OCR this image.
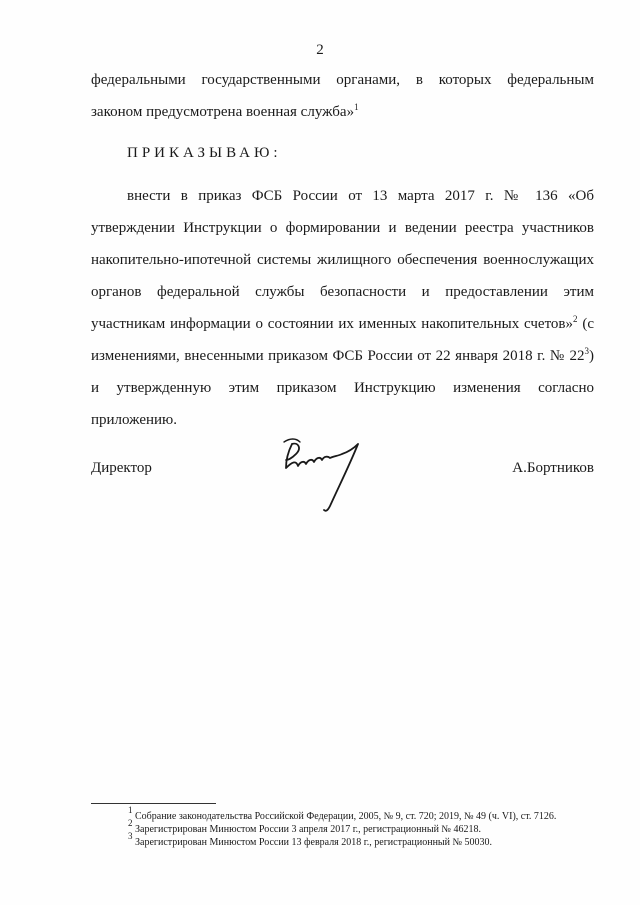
2
федеральными государственными органами, в которых федеральным
законом предусмотрена военная служба»$^1$
ПРИКАЗЫВАЮ:
внести в приказ ФСБ России от 13 марта 2017 г. № 136 «Об
утверждении Инструкции о формировании и ведении реестра участников
накопительно-ипотечной системы жилищного обеспечения военнослужащих
органов федеральной службы безопасности и предоставлении этим
участникам информации о состоянии их именных накопительных счетов»$^2$ (с
изменениями, внесенными приказом ФСБ России от 22 января 2018 г. № $22^3$)
и утвержденную этим приказом Инструкцию изменения согласно
приложению.
Директор	А.Бортников
$^1$ Собрание законодательства Российской Федерации, 2005, № 9, ст. 720; 2019, № 49 (ч. VI), ст. 7126.
$^2$ Зарегистрирован Минюстом России 3 апреля 2017 г., регистрационный № 46218.
$^3$ Зарегистрирован Минюстом России 13 февраля 2018 г., регистрационный № 50030.
